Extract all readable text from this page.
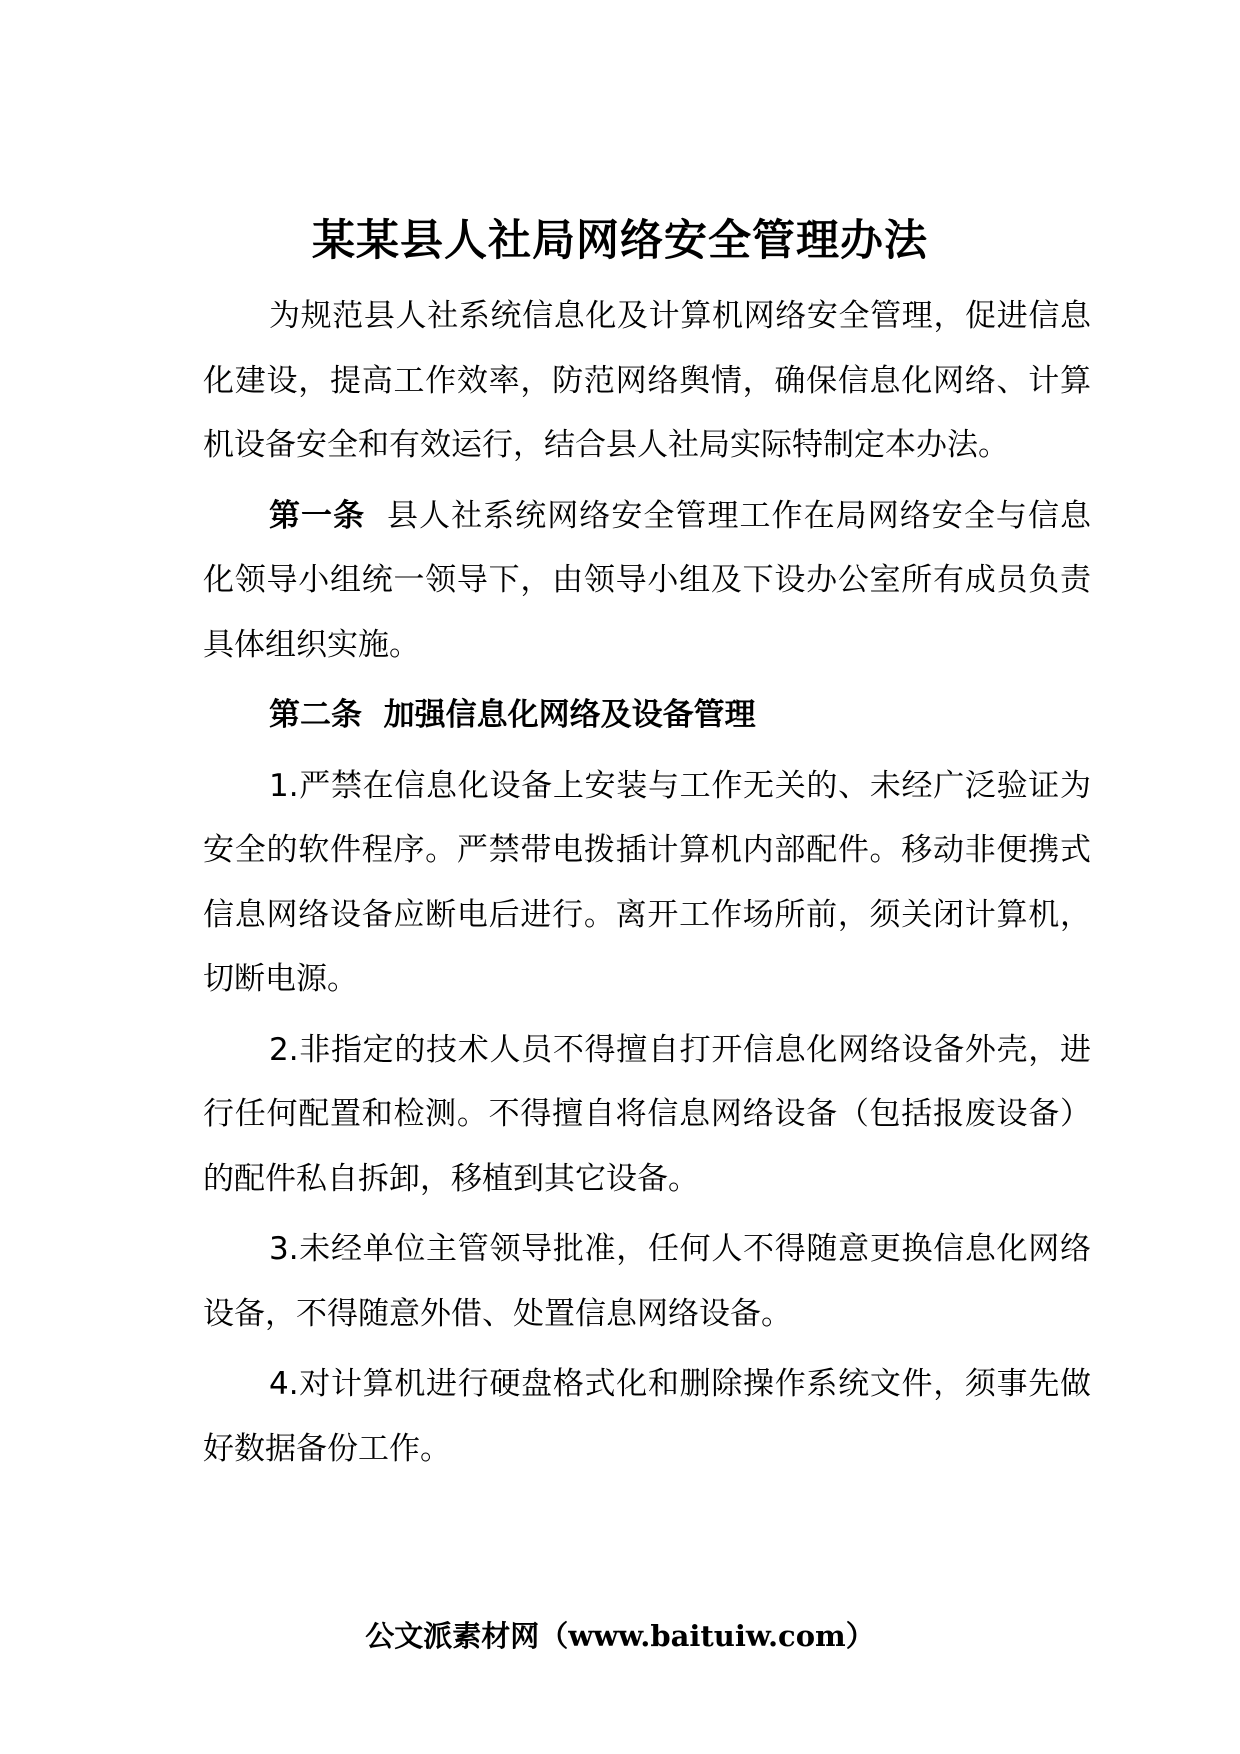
某某县人社局网络安全管理办法

为规范县人社系统信息化及计算机网络安全管理，促进信息化建设，提高工作效率，防范网络舆情，确保信息化网络、计算机设备安全和有效运行，结合县人社局实际特制定本办法。

第一条 县人社系统网络安全管理工作在局网络安全与信息化领导小组统一领导下，由领导小组及下设办公室所有成员负责具体组织实施。

第二条 加强信息化网络及设备管理

1.严禁在信息化设备上安装与工作无关的、未经广泛验证为安全的软件程序。严禁带电拨插计算机内部配件。移动非便携式信息网络设备应断电后进行。离开工作场所前，须关闭计算机，切断电源。

2.非指定的技术人员不得擅自打开信息化网络设备外壳，进行任何配置和检测。不得擅自将信息网络设备（包括报废设备）的配件私自拆卸，移植到其它设备。

3.未经单位主管领导批准，任何人不得随意更换信息化网络设备，不得随意外借、处置信息网络设备。

4.对计算机进行硬盘格式化和删除操作系统文件，须事先做好数据备份工作。

公文派素材网（www.baituiw.com）
